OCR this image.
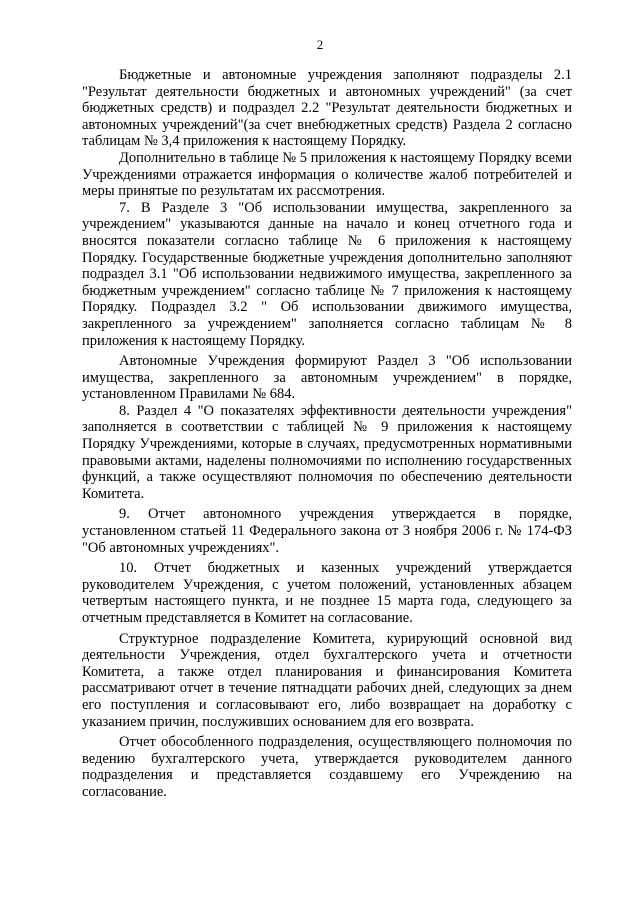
2

Бюджетные и автономные учреждения заполняют подразделы 2.1 "Результат деятельности бюджетных и автономных учреждений" (за счет бюджетных средств) и подраздел 2.2 "Результат деятельности бюджетных и автономных учреждений"(за счет внебюджетных средств) Раздела 2 согласно таблицам № 3,4 приложения к настоящему Порядку.

Дополнительно в таблице № 5 приложения к настоящему Порядку всеми Учреждениями отражается информация о количестве жалоб потребителей и меры принятые по результатам их рассмотрения.

7. В Разделе 3 "Об использовании имущества, закрепленного за учреждением" указываются данные на начало и конец отчетного года и вносятся показатели согласно таблице № 6 приложения к настоящему Порядку. Государственные бюджетные учреждения дополнительно заполняют подраздел 3.1 "Об использовании недвижимого имущества, закрепленного за бюджетным учреждением" согласно таблице № 7 приложения к настоящему Порядку. Подраздел 3.2 " Об использовании движимого имущества, закрепленного за учреждением" заполняется согласно таблицам № 8 приложения к настоящему Порядку.

Автономные Учреждения формируют Раздел 3 "Об использовании имущества, закрепленного за автономным учреждением" в порядке, установленном Правилами № 684.

8. Раздел 4 "О показателях эффективности деятельности учреждения" заполняется в соответствии с таблицей № 9 приложения к настоящему Порядку Учреждениями, которые в случаях, предусмотренных нормативными правовыми актами, наделены полномочиями по исполнению государственных функций, а также осуществляют полномочия по обеспечению деятельности Комитета.

9. Отчет автономного учреждения утверждается в порядке, установленном статьей 11 Федерального закона от 3 ноября 2006 г. № 174-ФЗ "Об автономных учреждениях".

10. Отчет бюджетных и казенных учреждений утверждается руководителем Учреждения, с учетом положений, установленных абзацем четвертым настоящего пункта, и не позднее 15 марта года, следующего за отчетным представляется в Комитет на согласование.

Структурное подразделение Комитета, курирующий основной вид деятельности Учреждения, отдел бухгалтерского учета и отчетности Комитета, а также отдел планирования и финансирования Комитета рассматривают отчет в течение пятнадцати рабочих дней, следующих за днем его поступления и согласовывают его, либо возвращает на доработку с указанием причин, послуживших основанием для его возврата.

Отчет обособленного подразделения, осуществляющего полномочия по ведению бухгалтерского учета, утверждается руководителем данного подразделения и представляется создавшему его Учреждению на согласование.
